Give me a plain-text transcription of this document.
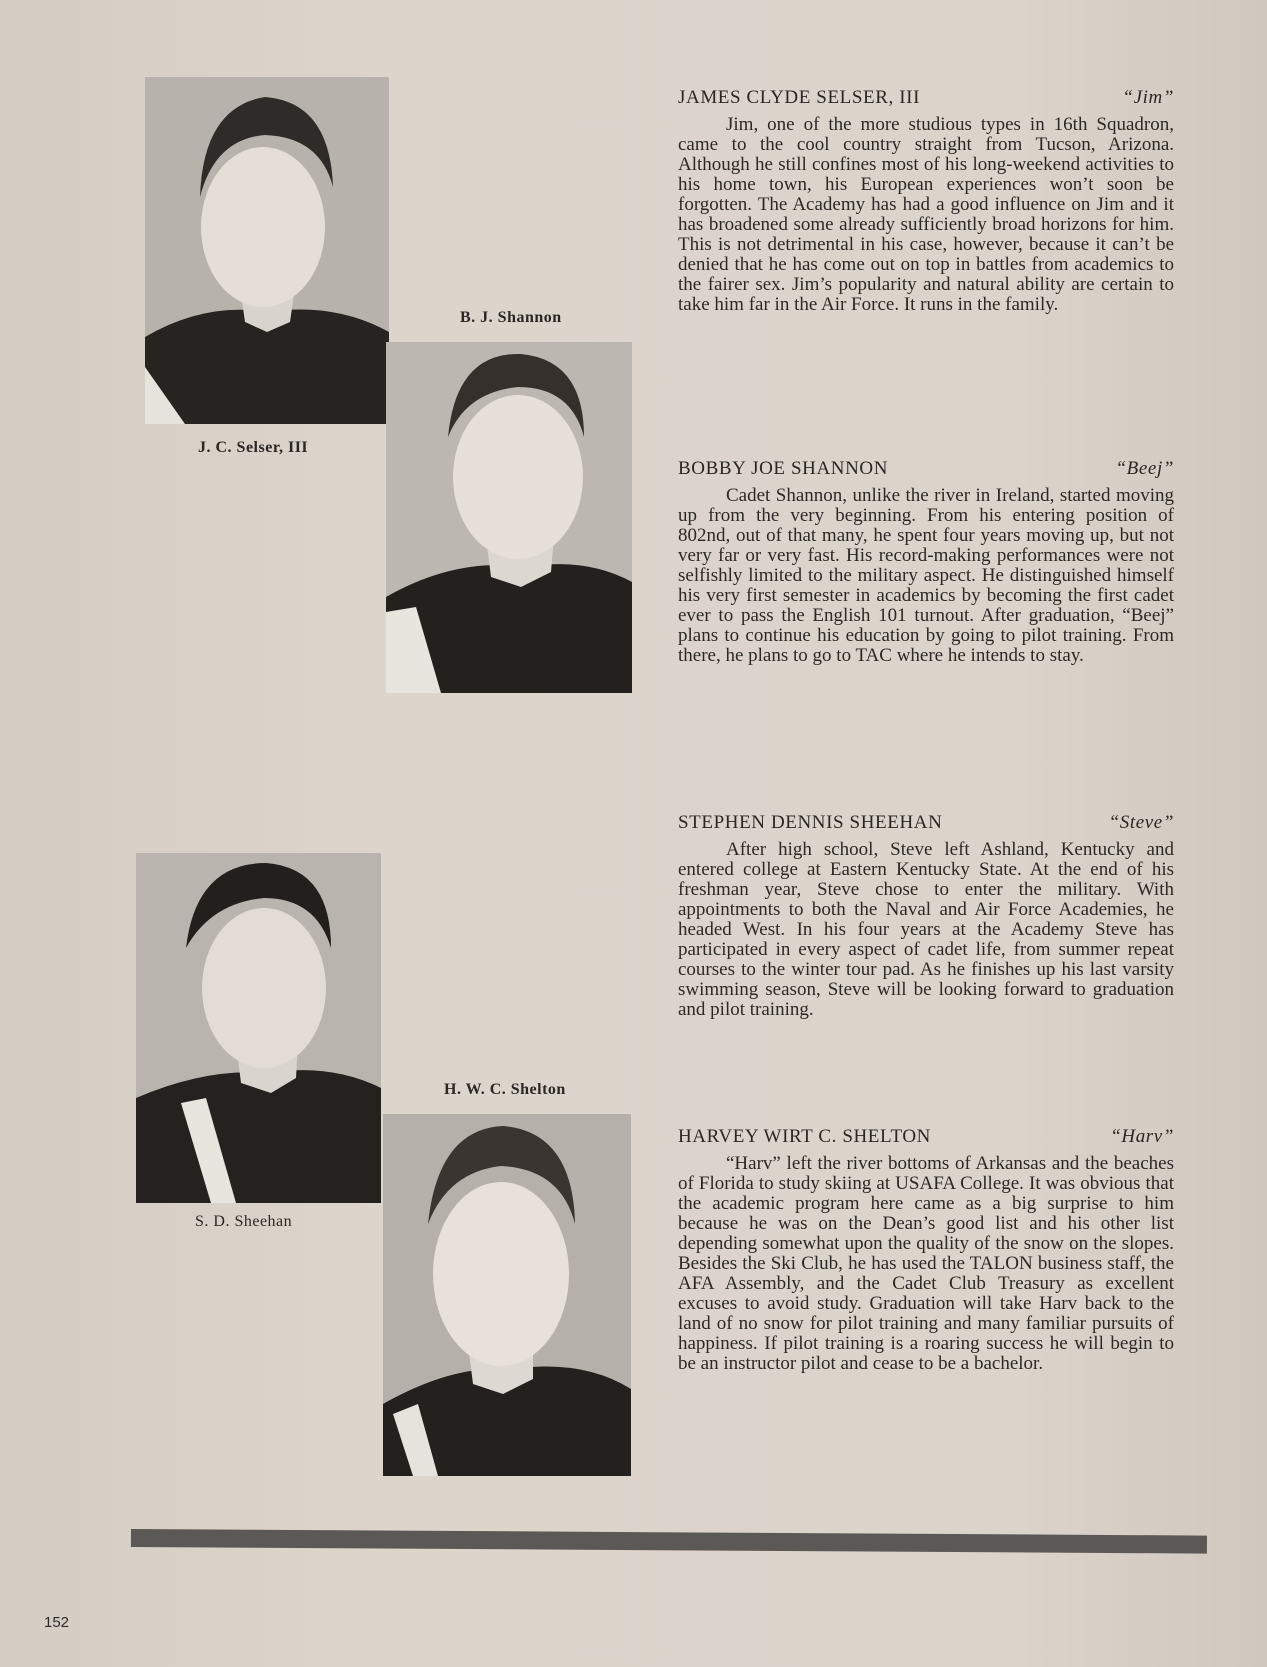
J. C. Selser, III
B. J. Shannon
S. D. Sheehan
H. W. C. Shelton
JAMES CLYDE SELSER, III	“Jim”

Jim, one of the more studious types in 16th Squadron, came to the cool country straight from Tucson, Arizona. Although he still confines most of his long-weekend activities to his home town, his European experiences won’t soon be forgotten. The Academy has had a good influence on Jim and it has broadened some already sufficiently broad horizons for him. This is not detrimental in his case, however, because it can’t be denied that he has come out on top in battles from academics to the fairer sex. Jim’s popularity and natural ability are certain to take him far in the Air Force. It runs in the family.

BOBBY JOE SHANNON	“Beej”

Cadet Shannon, unlike the river in Ireland, started moving up from the very beginning. From his entering position of 802nd, out of that many, he spent four years moving up, but not very far or very fast. His record-making performances were not selfishly limited to the military aspect. He distinguished himself his very first semester in academics by becoming the first cadet ever to pass the English 101 turnout. After graduation, “Beej” plans to continue his education by going to pilot training. From there, he plans to go to TAC where he intends to stay.

STEPHEN DENNIS SHEEHAN	“Steve”

After high school, Steve left Ashland, Kentucky and entered college at Eastern Kentucky State. At the end of his freshman year, Steve chose to enter the military. With appointments to both the Naval and Air Force Academies, he headed West. In his four years at the Academy Steve has participated in every aspect of cadet life, from summer repeat courses to the winter tour pad. As he finishes up his last varsity swimming season, Steve will be looking forward to graduation and pilot training.

HARVEY WIRT C. SHELTON	“Harv”

“Harv” left the river bottoms of Arkansas and the beaches of Florida to study skiing at USAFA College. It was obvious that the academic program here came as a big surprise to him because he was on the Dean’s good list and his other list depending somewhat upon the quality of the snow on the slopes. Besides the Ski Club, he has used the TALON business staff, the AFA Assembly, and the Cadet Club Treasury as excellent excuses to avoid study. Graduation will take Harv back to the land of no snow for pilot training and many familiar pursuits of happiness. If pilot training is a roaring success he will begin to be an instructor pilot and cease to be a bachelor.

152
